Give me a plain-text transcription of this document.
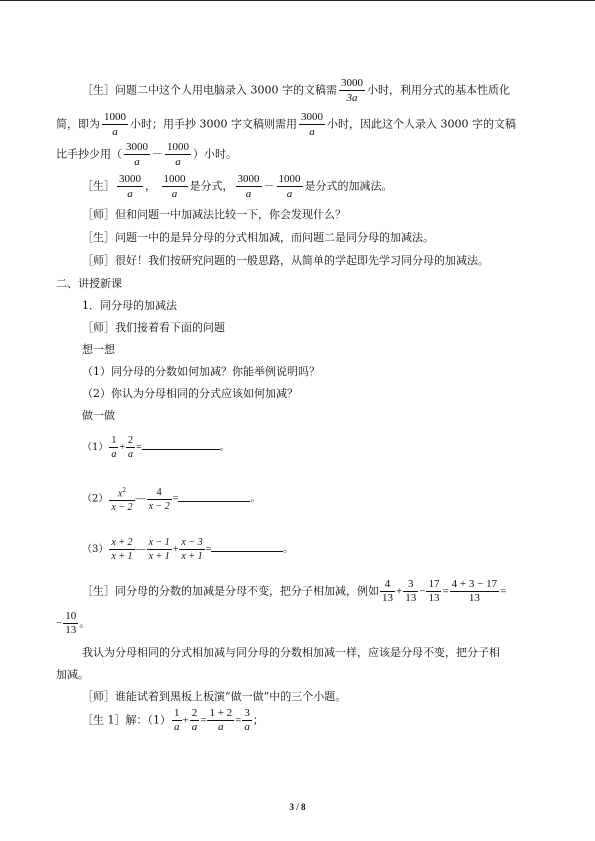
［生］问题二中这个人用电脑录入 3000 字的文稿需 $\frac{3000}{3a}$ 小时，利用分式的基本性质化
简，即为 $\frac{1000}{a}$ 小时；用手抄 3000 字文稿则需用 $\frac{3000}{a}$ 小时，因此这个人录入 3000 字的文稿
比手抄少用（ $\frac{3000}{a} - \frac{1000}{a}$ ）小时。
［生］ $\frac{3000}{a}$ ， $\frac{1000}{a}$ 是分式， $\frac{3000}{a} - \frac{1000}{a}$ 是分式的加减法。
［师］但和问题一中加减法比较一下，你会发现什么？
［生］问题一中的是异分母的分式相加减，而问题二是同分母的加减法。
［师］很好！我们按研究问题的一般思路，从简单的学起即先学习同分母的加减法。
二、讲授新课
1．同分母的加减法
［师］我们接着看下面的问题
想一想
（1）同分母的分数如何加减？你能举例说明吗？
（2）你认为分母相同的分式应该如何加减？
做一做
$(1) \frac{1}{a} + \frac{2}{a}$ =	。
$(2) \frac{x^2}{x - 2}$ — $\frac{4}{x - 2}$ =	。
$(3) \frac{x + 2}{x + 1}$ — $\frac{x - 1}{x + 1} + \frac{x - 3}{x + 1}$ =	。
［生］同分母的分数的加减是分母不变，把分子相加减，例如 $\frac{4}{13} + \frac{3}{13} - \frac{17}{13} = \frac{4 + 3 - 17}{13}$ =
− $\frac{10}{13}$ 。
我认为分母相同的分式相加减与同分母的分数相加减一样，应该是分母不变，把分子相
加减。
［师］谁能试着到黑板上板演“做一做”中的三个小题。
［生 1］解：$(1) \frac{1}{a} + \frac{2}{a} = \frac{1 + 2}{a} = \frac{3}{a}$ ；
3 / 8
